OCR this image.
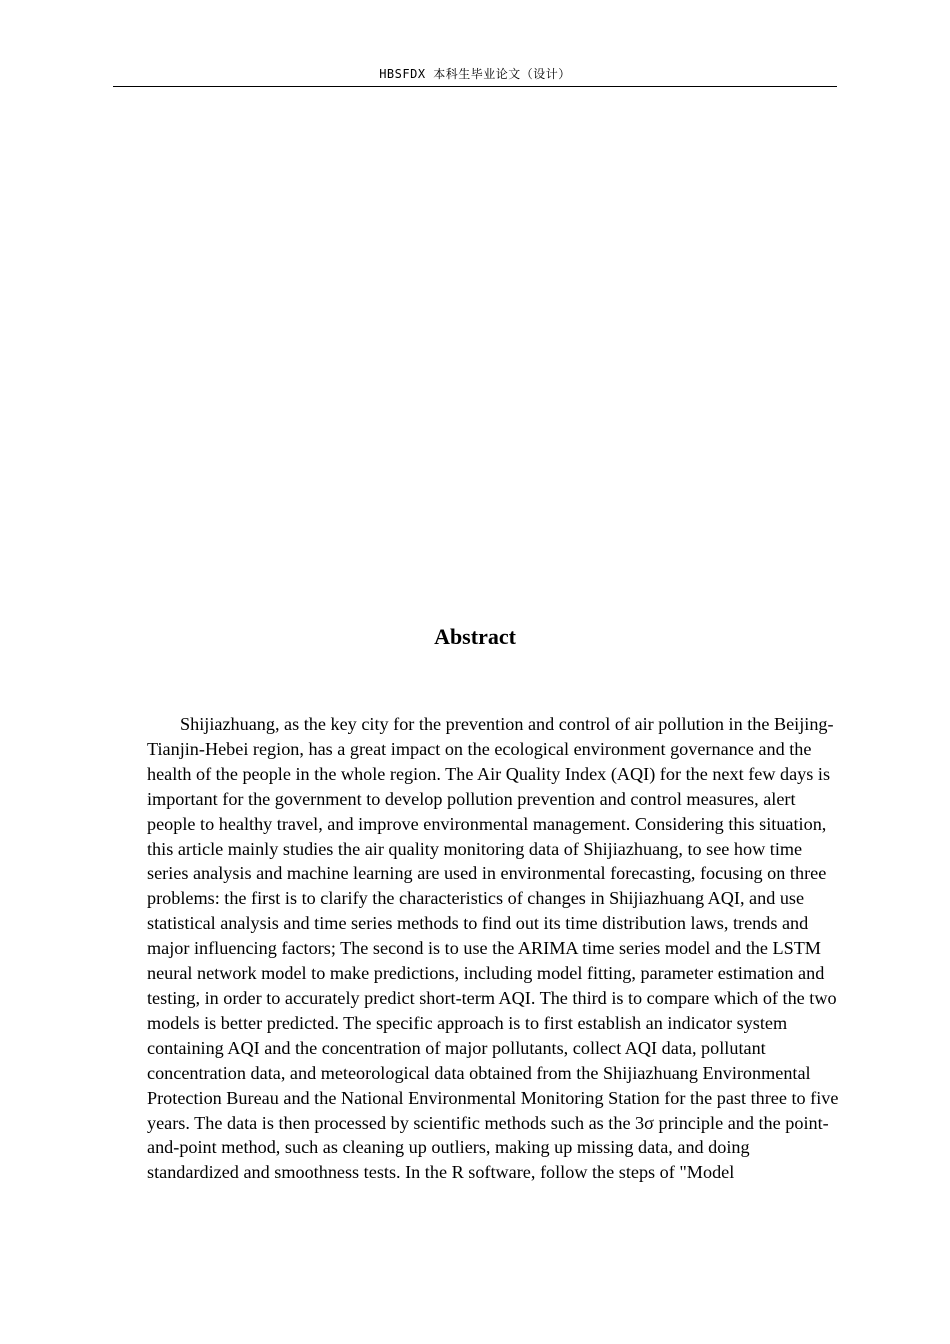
HBSFDX 本科生毕业论文（设计）
Abstract

Shijiazhuang, as the key city for the prevention and control of air pollution in the Beijing-Tianjin-Hebei region, has a great impact on the ecological environment governance and the health of the people in the whole region. The Air Quality Index (AQI) for the next few days is important for the government to develop pollution prevention and control measures, alert people to healthy travel, and improve environmental management. Considering this situation, this article mainly studies the air quality monitoring data of Shijiazhuang, to see how time series analysis and machine learning are used in environmental forecasting, focusing on three problems: the first is to clarify the characteristics of changes in Shijiazhuang AQI, and use statistical analysis and time series methods to find out its time distribution laws, trends and major influencing factors; The second is to use the ARIMA time series model and the LSTM neural network model to make predictions, including model fitting, parameter estimation and testing, in order to accurately predict short-term AQI. The third is to compare which of the two models is better predicted. The specific approach is to first establish an indicator system containing AQI and the concentration of major pollutants, collect AQI data, pollutant concentration data, and meteorological data obtained from the Shijiazhuang Environmental Protection Bureau and the National Environmental Monitoring Station for the past three to five years. The data is then processed by scientific methods such as the 3σ principle and the point-and-point method, such as cleaning up outliers, making up missing data, and doing standardized and smoothness tests. In the R software, follow the steps of "Model
